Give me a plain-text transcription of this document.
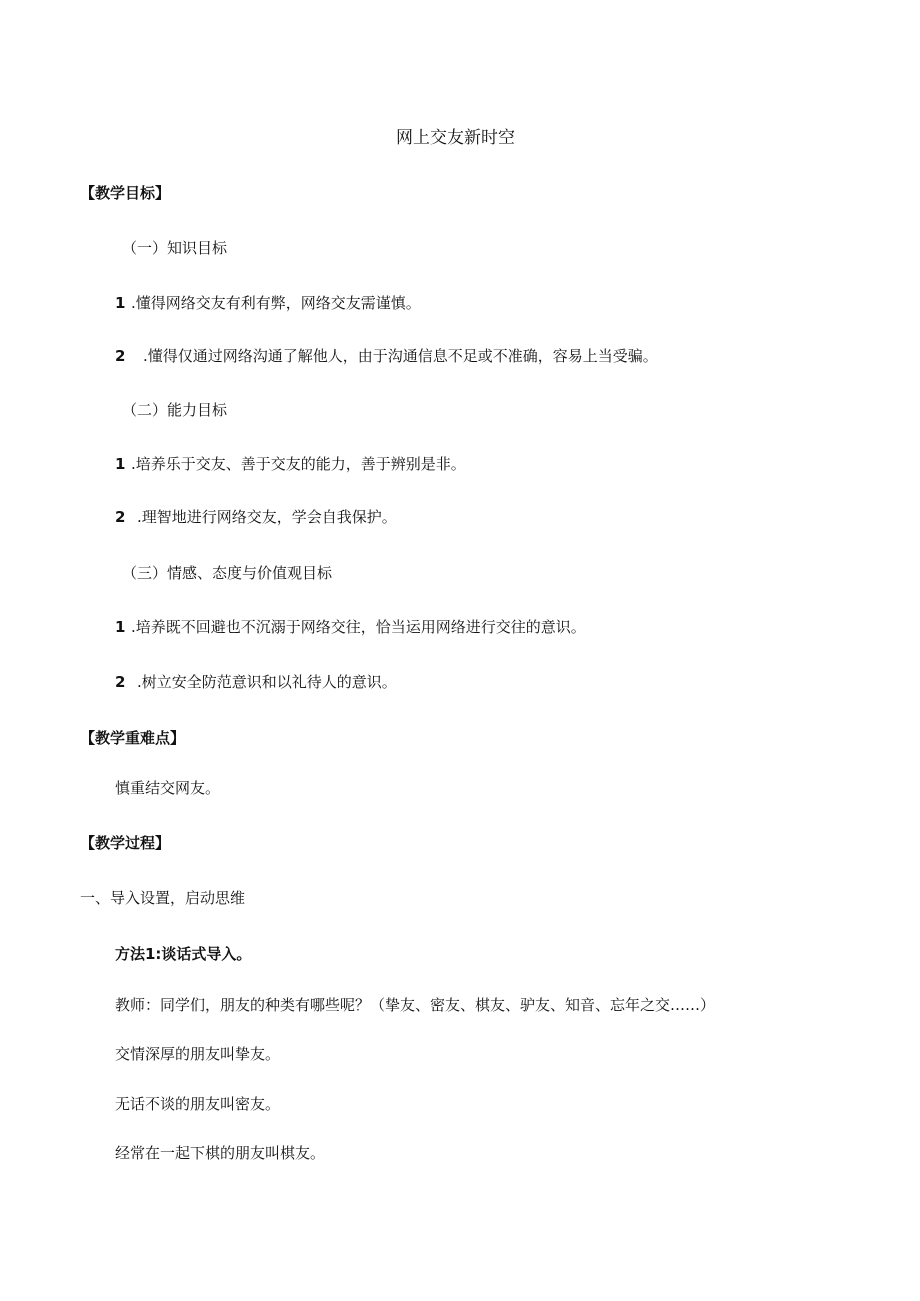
网上交友新时空
【教学目标】
（一）知识目标
1 .懂得网络交友有利有弊，网络交友需谨慎。
2 .懂得仅通过网络沟通了解他人，由于沟通信息不足或不准确，容易上当受骗。
（二）能力目标
1 .培养乐于交友、善于交友的能力，善于辨别是非。
2 .理智地进行网络交友，学会自我保护。
（三）情感、态度与价值观目标
1 .培养既不回避也不沉溺于网络交往，恰当运用网络进行交往的意识。
2 .树立安全防范意识和以礼待人的意识。
【教学重难点】
慎重结交网友。
【教学过程】
一、导入设置，启动思维
方法1:谈话式导入。
教师：同学们，朋友的种类有哪些呢？（挚友、密友、棋友、驴友、知音、忘年之交……）
交情深厚的朋友叫挚友。
无话不谈的朋友叫密友。
经常在一起下棋的朋友叫棋友。
